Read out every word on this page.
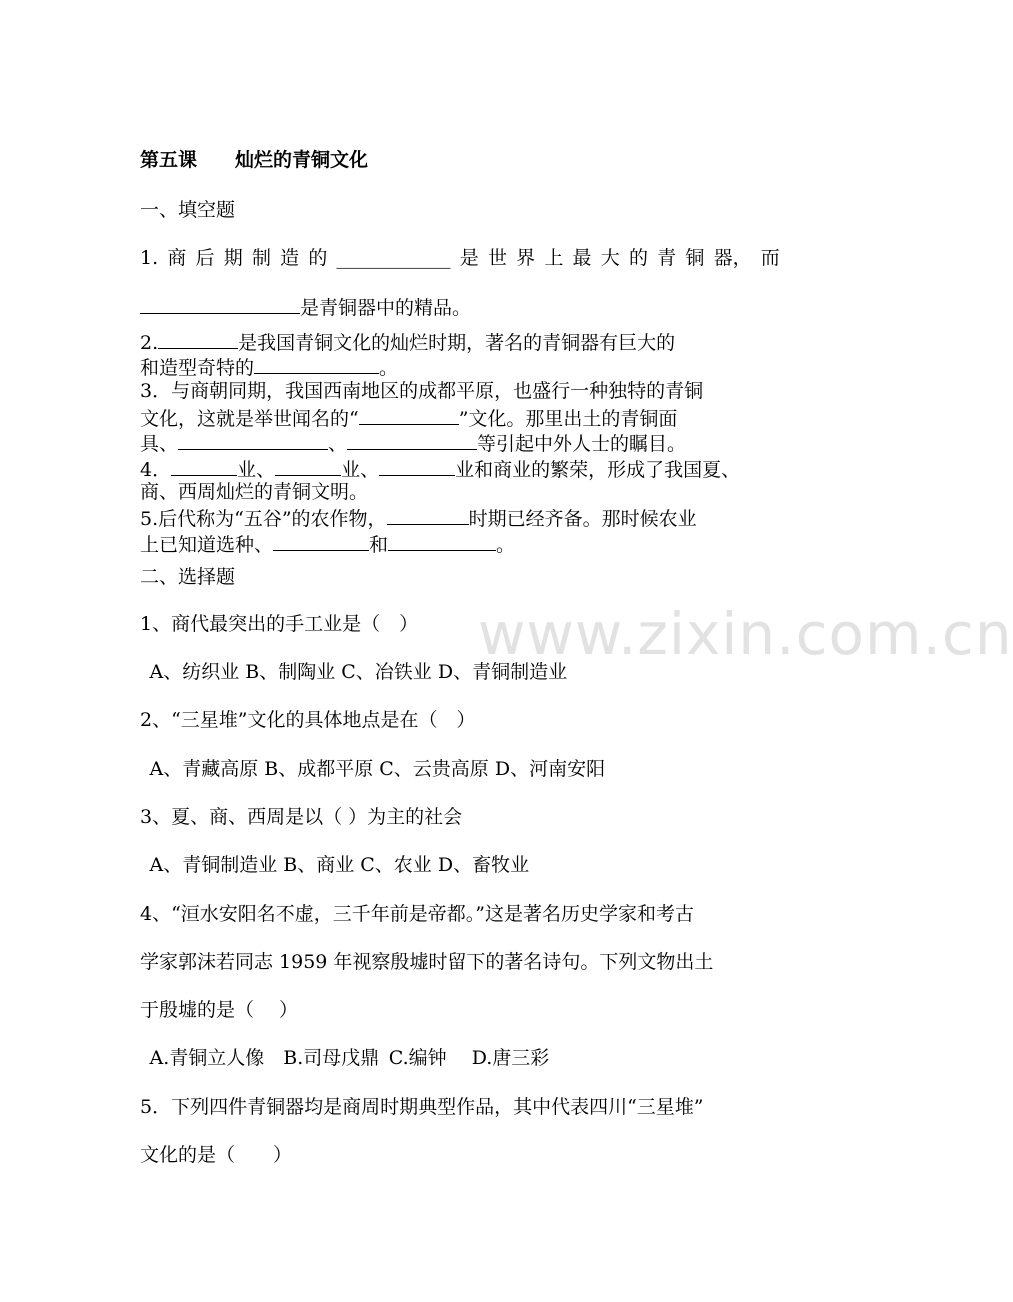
www.zixin.com.cn
第五课　　灿烂的青铜文化
一、填空题
1. 商 后 期 制 造 的 ____________ 是 世 界 上 最 大 的 青 铜 器， 而
是青铜器中的精品。
2.	是我国青铜文化的灿烂时期，著名的青铜器有巨大的
和造型奇特的	。
3．与商朝同期，我国西南地区的成都平原，也盛行一种独特的青铜
文化，这就是举世闻名的“	”文化。那里出土的青铜面
具、	、	等引起中外人士的瞩目。
4．	业、	业、	业和商业的繁荣，形成了我国夏、
商、西周灿烂的青铜文明。
5.后代称为“五谷”的农作物，	时期已经齐备。那时候农业
上已知道选种、	和	。
二、选择题
1、商代最突出的手工业是（　）
 A、纺织业 B、制陶业 C、冶铁业 D、青铜制造业
2、“三星堆”文化的具体地点是在（　）
 A、青藏高原 B、成都平原 C、云贵高原 D、河南安阳
3、夏、商、西周是以（ ）为主的社会
 A、青铜制造业 B、商业 C、农业 D、畜牧业
4、“洹水安阳名不虚，三千年前是帝都。”这是著名历史学家和考古
学家郭沫若同志 1959 年视察殷墟时留下的著名诗句。下列文物出土
于殷墟的是（　 ）
 A.青铜立人像 B.司母戊鼎 C.编钟  D.唐三彩
5．下列四件青铜器均是商周时期典型作品，其中代表四川“三星堆”
文化的是（　　）
